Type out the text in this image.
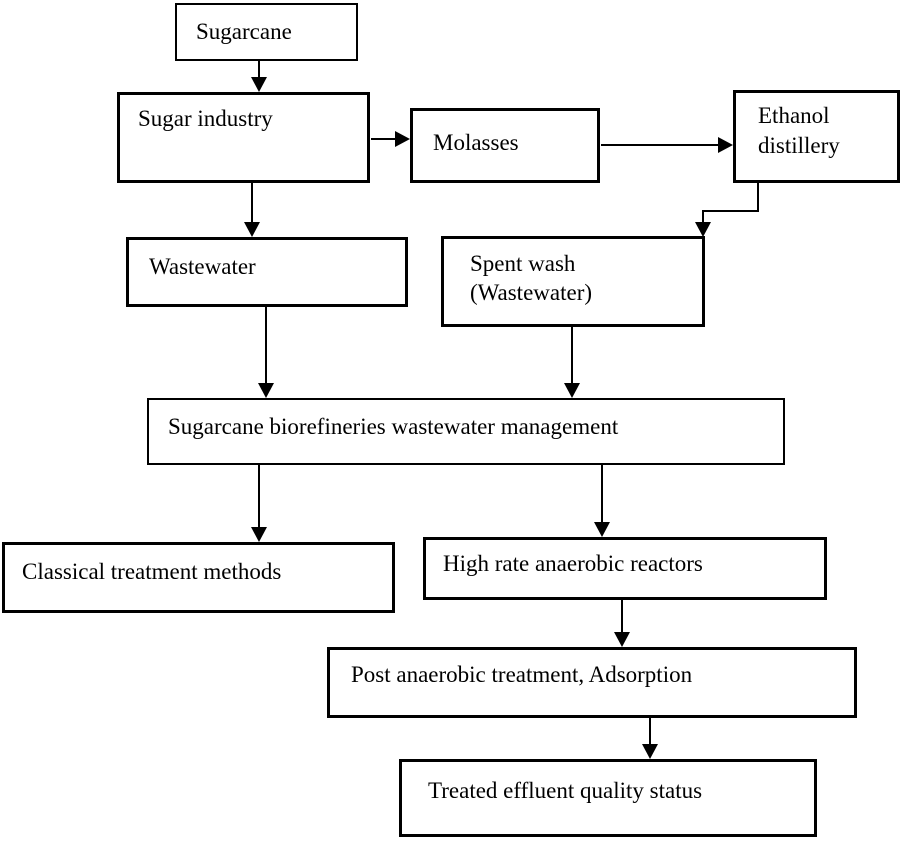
Sugarcane
Sugar industry
Molasses
Ethanol
distillery
Wastewater	Spent wash
(Wastewater)
Sugarcane biorefineries wastewater management
Classical treatment methods	High rate anaerobic reactors
Post anaerobic treatment, Adsorption
Treated effluent quality status
